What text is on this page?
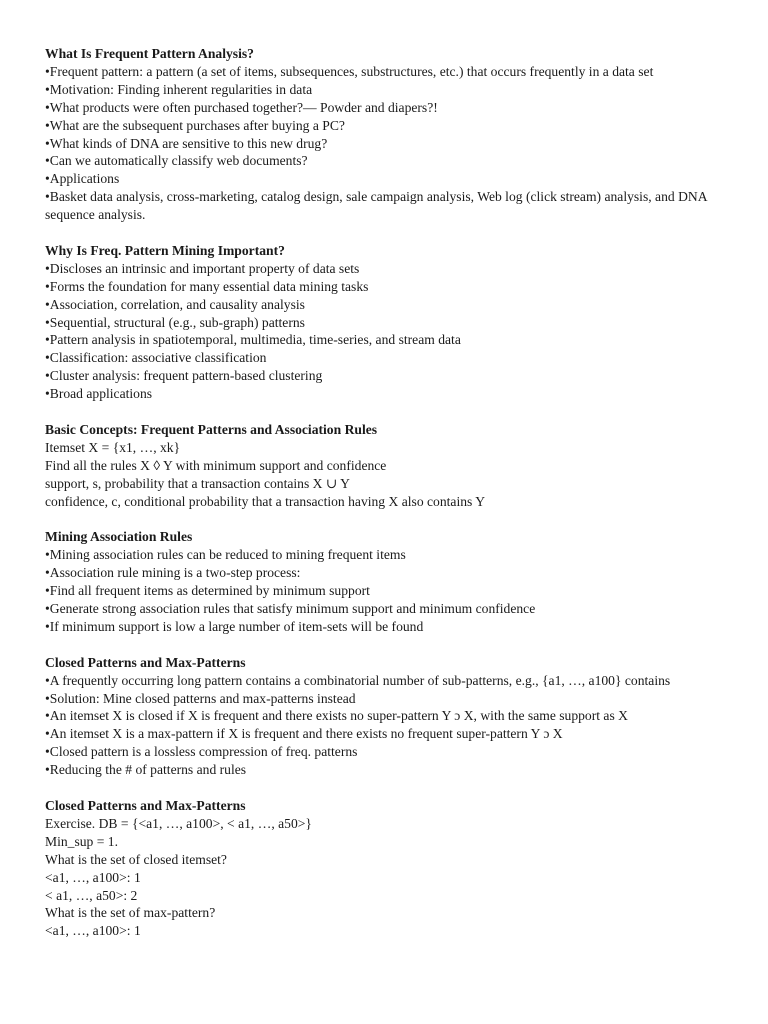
What Is Frequent Pattern Analysis?
•Frequent pattern: a pattern (a set of items, subsequences, substructures, etc.) that occurs frequently in a data set
•Motivation: Finding inherent regularities in data
•What products were often purchased together?— Powder and diapers?!
•What are the subsequent purchases after buying a PC?
•What kinds of DNA are sensitive to this new drug?
•Can we automatically classify web documents?
•Applications
•Basket data analysis, cross-marketing, catalog design, sale campaign analysis, Web log (click stream) analysis, and DNA sequence analysis.
Why Is Freq. Pattern Mining Important?
•Discloses an intrinsic and important property of data sets
•Forms the foundation for many essential data mining tasks
•Association, correlation, and causality analysis
•Sequential, structural (e.g., sub-graph) patterns
•Pattern analysis in spatiotemporal, multimedia, time-series, and stream data
•Classification: associative classification
•Cluster analysis: frequent pattern-based clustering
•Broad applications
Basic Concepts: Frequent Patterns and Association Rules
Itemset X = {x1, …, xk}
Find all the rules X ◊ Y with minimum support and confidence
support, s, probability that a transaction contains X ∪ Y
confidence, c, conditional probability that a transaction having X also contains Y
Mining Association Rules
•Mining association rules can be reduced to mining frequent items
•Association rule mining is a two-step process:
•Find all frequent items as determined by minimum support
•Generate strong association rules that satisfy minimum support and minimum confidence
•If minimum support is low a large number of item-sets will be found
Closed Patterns and Max-Patterns
•A frequently occurring long pattern contains a combinatorial number of sub-patterns, e.g., {a1, …, a100} contains
•Solution: Mine closed patterns and max-patterns instead
•An itemset X is closed if X is frequent and there exists no super-pattern Y ɔ X, with the same support as X
•An itemset X is a max-pattern if X is frequent and there exists no frequent super-pattern Y ɔ X
•Closed pattern is a lossless compression of freq. patterns
•Reducing the # of patterns and rules
Closed Patterns and Max-Patterns
Exercise. DB = {<a1, …, a100>, < a1, …, a50>}
Min_sup = 1.
What is the set of closed itemset?
<a1, …, a100>: 1
< a1, …, a50>: 2
What is the set of max-pattern?
<a1, …, a100>: 1
